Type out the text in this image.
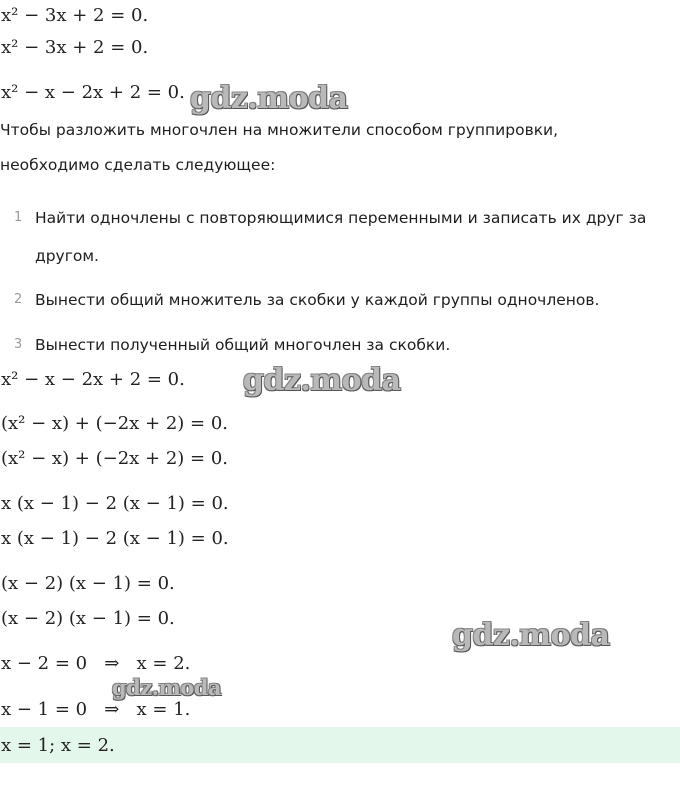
x² − 3x + 2 = 0.
x² − 3x + 2 = 0.
x² − x − 2x + 2 = 0. gdz.moda
Чтобы разложить многочлен на множители способом группировки,
необходимо сделать следующее:
1 Найти одночлены с повторяющимися переменными и записать их друг за
другом.
2 Вынести общий множитель за скобки у каждой группы одночленов.
3 Вынести полученный общий многочлен за скобки.
x² − x − 2x + 2 = 0. gdz.moda
(x² − x) + (−2x + 2) = 0.
(x² − x) + (−2x + 2) = 0.
x (x − 1) − 2 (x − 1) = 0.
x (x − 1) − 2 (x − 1) = 0.
(x − 2) (x − 1) = 0.
(x − 2) (x − 1) = 0.	gdz.moda
x − 2 = 0   ⇒   x = 2.
gdz.moda
x − 1 = 0   ⇒   x = 1.
x = 1; x = 2.
